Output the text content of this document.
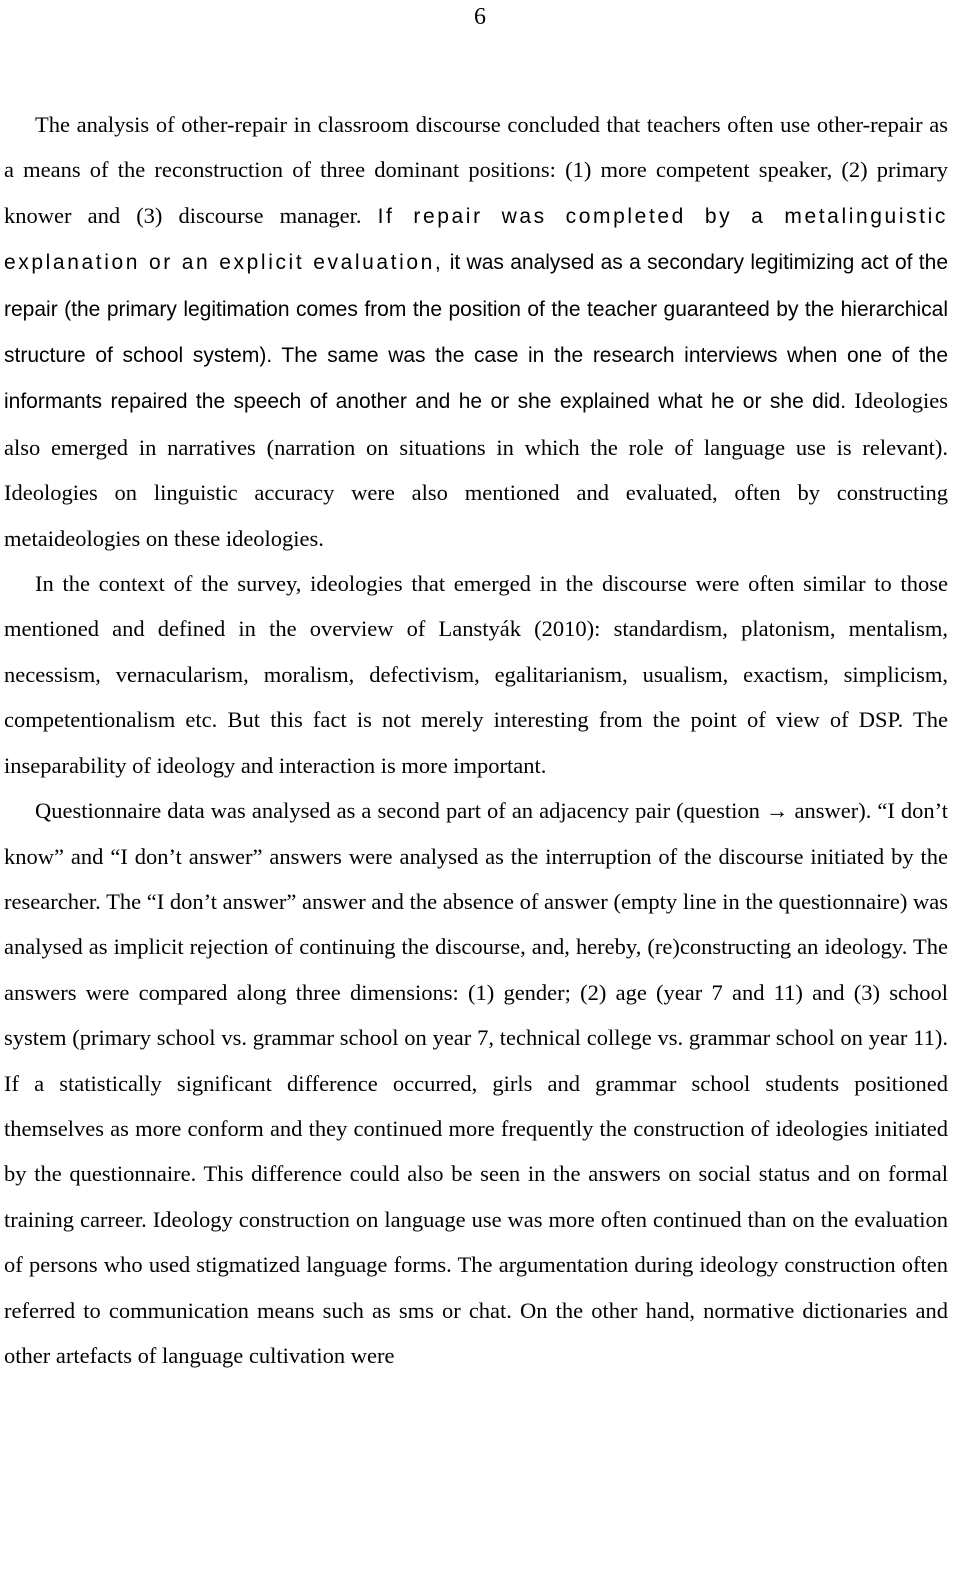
6

The analysis of other-repair in classroom discourse concluded that teachers often use other-repair as a means of the reconstruction of three dominant positions: (1) more competent speaker, (2) primary knower and (3) discourse manager. If repair was completed by a metalinguistic explanation or an explicit evaluation, it was analysed as a secondary legitimizing act of the repair (the primary legitimation comes from the position of the teacher guaranteed by the hierarchical structure of school system). The same was the case in the research interviews when one of the informants repaired the speech of another and he or she explained what he or she did. Ideologies also emerged in narratives (narration on situations in which the role of language use is relevant). Ideologies on linguistic accuracy were also mentioned and evaluated, often by constructing metaideologies on these ideologies.

In the context of the survey, ideologies that emerged in the discourse were often similar to those mentioned and defined in the overview of Lanstyák (2010): standardism, platonism, mentalism, necessism, vernacularism, moralism, defectivism, egalitarianism, usualism, exactism, simplicism, competentionalism etc. But this fact is not merely interesting from the point of view of DSP. The inseparability of ideology and interaction is more important.

Questionnaire data was analysed as a second part of an adjacency pair (question → answer). “I don’t know” and “I don’t answer” answers were analysed as the interruption of the discourse initiated by the researcher. The “I don’t answer” answer and the absence of answer (empty line in the questionnaire) was analysed as implicit rejection of continuing the discourse, and, hereby, (re)constructing an ideology. The answers were compared along three dimensions: (1) gender; (2) age (year 7 and 11) and (3) school system (primary school vs. grammar school on year 7, technical college vs. grammar school on year 11). If a statistically significant difference occurred, girls and grammar school students positioned themselves as more conform and they continued more frequently the construction of ideologies initiated by the questionnaire. This difference could also be seen in the answers on social status and on formal training carreer. Ideology construction on language use was more often continued than on the evaluation of persons who used stigmatized language forms. The argumentation during ideology construction often referred to communication means such as sms or chat. On the other hand, normative dictionaries and other artefacts of language cultivation were
